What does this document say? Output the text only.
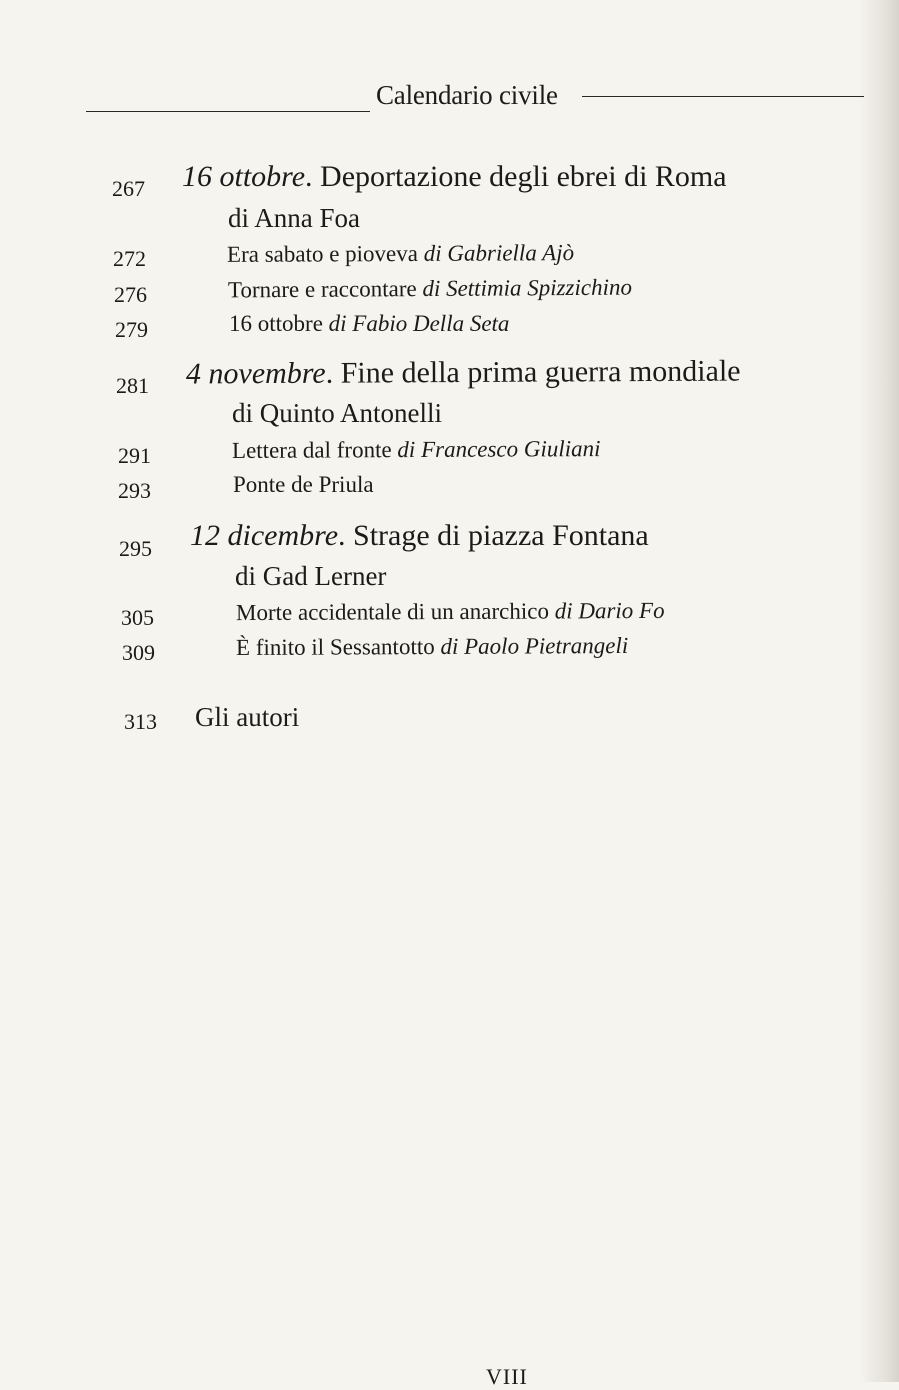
Calendario civile
267 16 ottobre. Deportazione degli ebrei di Roma
di Anna Foa
272	Era sabato e pioveva di Gabriella Ajò
276	Tornare e raccontare di Settimia Spizzichino
279	16 ottobre di Fabio Della Seta
281 4 novembre. Fine della prima guerra mondiale
di Quinto Antonelli
291	Lettera dal fronte di Francesco Giuliani
293	Ponte de Priula
295 12 dicembre. Strage di piazza Fontana
di Gad Lerner
305	Morte accidentale di un anarchico di Dario Fo
309	È finito il Sessantotto di Paolo Pietrangeli
313 Gli autori
VIII
